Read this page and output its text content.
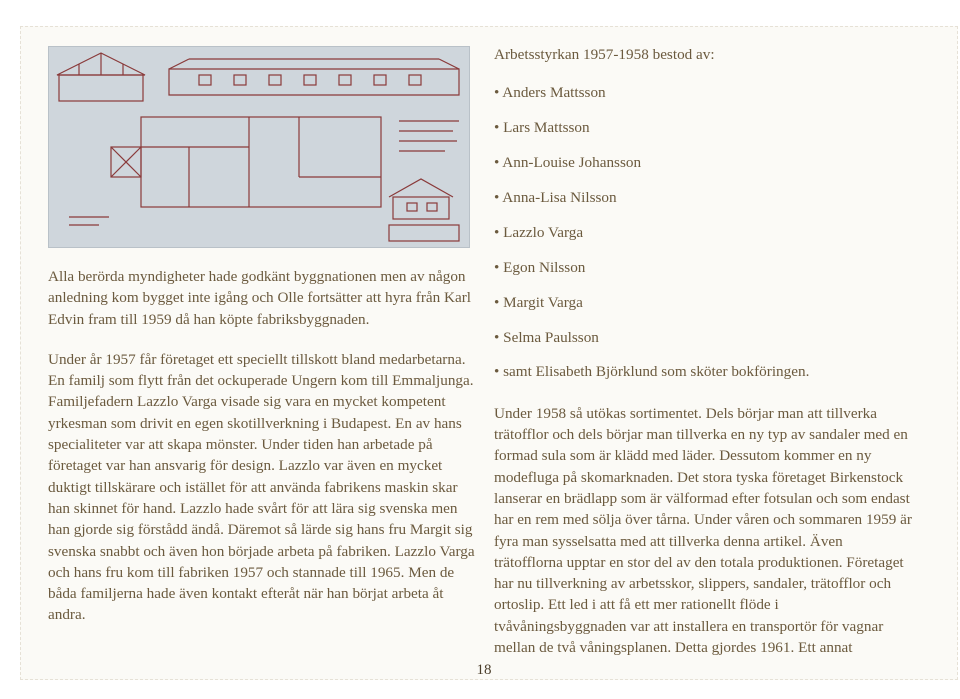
Alla berörda myndigheter hade godkänt byggnationen men av någon anledning kom bygget inte igång och Olle fortsätter att hyra från Karl Edvin fram till 1959 då han köpte fabriksbyggnaden.

Under år 1957 får företaget ett speciellt tillskott bland medarbetarna. En familj som flytt från det ockuperade Ungern kom till Emmaljunga. Familjefadern Lazzlo Varga visade sig vara en mycket kompetent yrkesman som drivit en egen skotillverkning i Budapest. En av hans specialiteter var att skapa mönster. Under tiden han arbetade på företaget var han ansvarig för design. Lazzlo var även en mycket duktigt tillskärare och istället för att använda fabrikens maskin skar han skinnet för hand. Lazzlo hade svårt för att lära sig svenska men han gjorde sig förstådd ändå. Däremot så lärde sig hans fru Margit sig svenska snabbt och även hon började arbeta på fabriken. Lazzlo Varga och hans fru kom till fabriken 1957 och stannade till 1965. Men de båda familjerna hade även kontakt efteråt när han börjat arbeta åt andra.

Arbetsstyrkan 1957-1958 bestod av:

• Anders Mattsson
• Lars Mattsson
• Ann-Louise Johansson
• Anna-Lisa Nilsson
• Lazzlo Varga
• Egon Nilsson
• Margit Varga
• Selma Paulsson
• samt Elisabeth Björklund som sköter bokföringen.

Under 1958 så utökas sortimentet. Dels börjar man att tillverka trätofflor och dels börjar man tillverka en ny typ av sandaler med en formad sula som är klädd med läder. Dessutom kommer en ny modefluga på skomarknaden. Det stora tyska företaget Birkenstock lanserar en brädlapp som är välformad efter fotsulan och som endast har en rem med sölja över tårna. Under våren och sommaren 1959 är fyra man sysselsatta med att tillverka denna artikel. Även trätofflorna upptar en stor del av den totala produktionen. Företaget har nu tillverkning av arbetsskor, slippers, sandaler, trätofflor och ortoslip. Ett led i att få ett mer rationellt flöde i tvåvåningsbyggnaden var att installera en transportör för vagnar mellan de två våningsplanen. Detta gjordes 1961. Ett annat

18
